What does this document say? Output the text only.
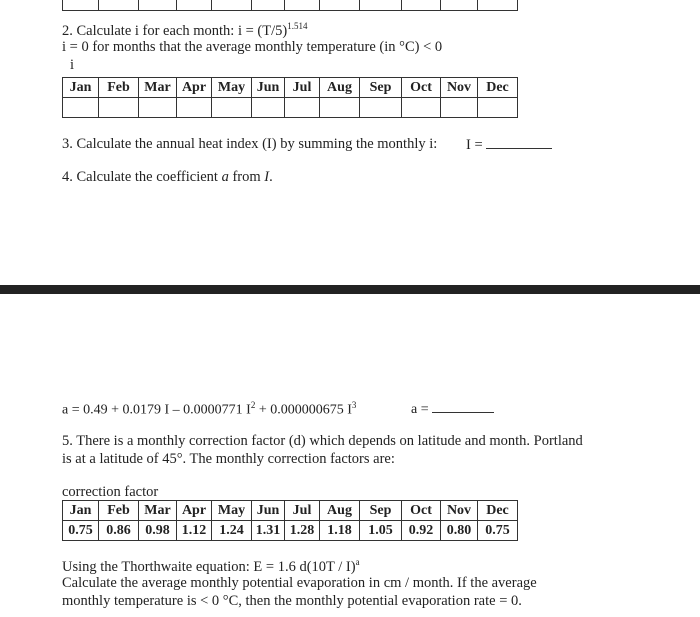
2. Calculate i for each month: $i = (T/5)^{1.514}$
i = 0 for months that the average monthly temperature (in °C) < 0
i
Jan	Feb	Mar	Apr	May	Jun	Jul	Aug	Sep	Oct	Nov	Dec

3. Calculate the annual heat index (I) by summing the monthly i: I =
4. Calculate the coefficient a from I.
a = 0.49 + 0.0179 I – 0.0000771 $I^2 + 0.000000675$ $I^3$	a =
5. There is a monthly correction factor (d) which depends on latitude and month. Portland
is at a latitude of 45°. The monthly correction factors are:
correction factor
Jan	Feb	Mar	Apr	May	Jun	Jul	Aug	Sep	Oct	Nov	Dec
0.75	0.86	0.98	1.12	1.24	1.31	1.28	1.18	1.05	0.92	0.80	0.75
Using the Thorthwaite equation: E = 1.6 d(10T / I)$^a$
Calculate the average monthly potential evaporation in cm / month. If the average
monthly temperature is < 0 °C, then the monthly potential evaporation rate = 0.
